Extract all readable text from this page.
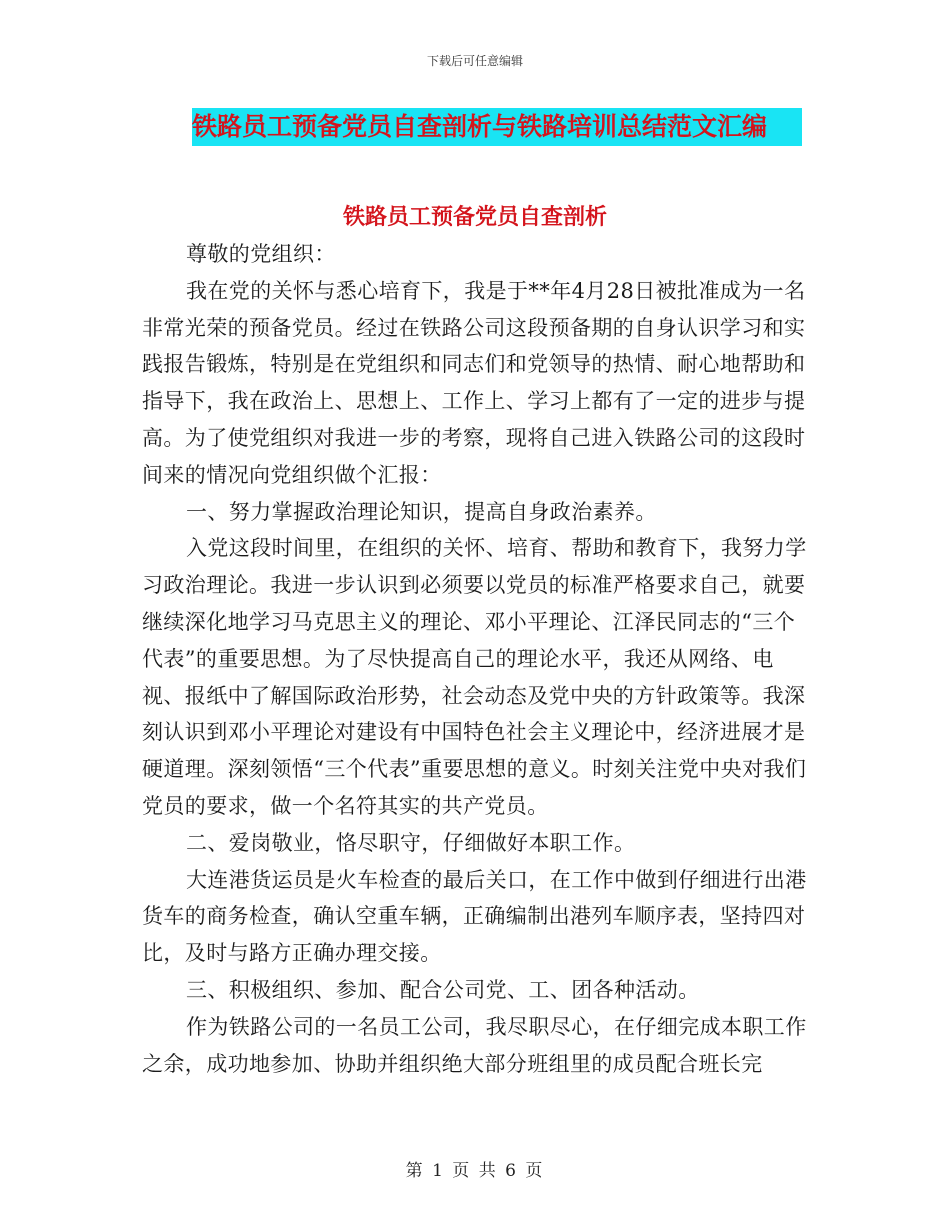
下载后可任意编辑
铁路员工预备党员自查剖析与铁路培训总结范文汇编
铁路员工预备党员自查剖析

尊敬的党组织：

我在党的关怀与悉心培育下，我是于**年4月28日被批准成为一名非常光荣的预备党员。经过在铁路公司这段预备期的自身认识学习和实践报告锻炼，特别是在党组织和同志们和党领导的热情、耐心地帮助和指导下，我在政治上、思想上、工作上、学习上都有了一定的进步与提高。为了使党组织对我进一步的考察，现将自己进入铁路公司的这段时间来的情况向党组织做个汇报：

一、努力掌握政治理论知识，提高自身政治素养。

入党这段时间里，在组织的关怀、培育、帮助和教育下，我努力学习政治理论。我进一步认识到必须要以党员的标准严格要求自己，就要继续深化地学习马克思主义的理论、邓小平理论、江泽民同志的“三个代表”的重要思想。为了尽快提高自己的理论水平，我还从网络、电视、报纸中了解国际政治形势，社会动态及党中央的方针政策等。我深刻认识到邓小平理论对建设有中国特色社会主义理论中，经济进展才是硬道理。深刻领悟“三个代表”重要思想的意义。时刻关注党中央对我们党员的要求，做一个名符其实的共产党员。

二、爱岗敬业，恪尽职守，仔细做好本职工作。

大连港货运员是火车检查的最后关口，在工作中做到仔细进行出港货车的商务检查，确认空重车辆，正确编制出港列车顺序表，坚持四对比，及时与路方正确办理交接。

三、积极组织、参加、配合公司党、工、团各种活动。

作为铁路公司的一名员工公司，我尽职尽心，在仔细完成本职工作之余，成功地参加、协助并组织绝大部分班组里的成员配合班长完

第 1 页 共 6 页
